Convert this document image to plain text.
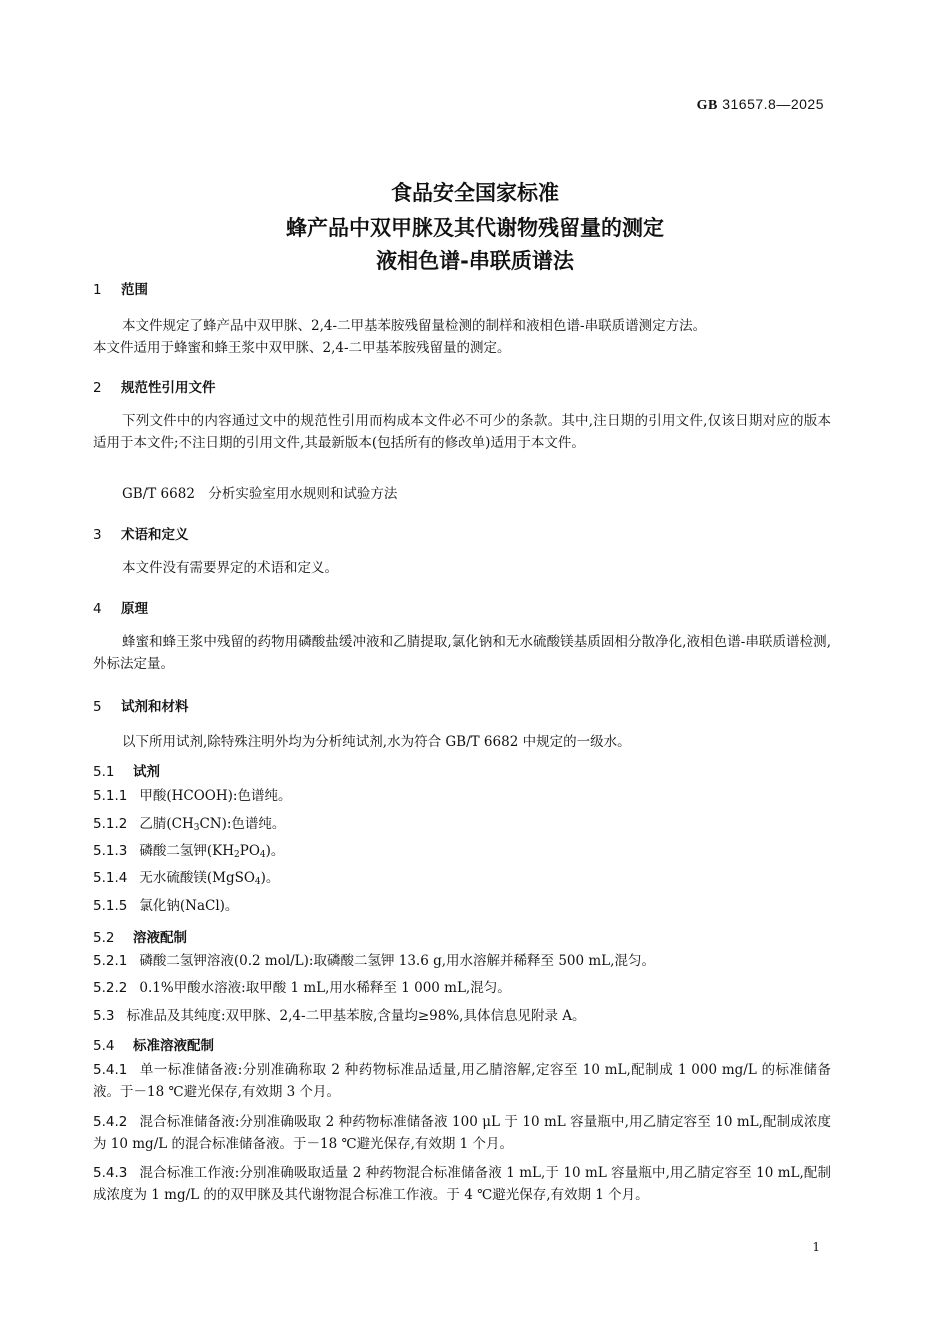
GB 31657.8—2025
食品安全国家标准
蜂产品中双甲脒及其代谢物残留量的测定
液相色谱-串联质谱法
1 范围
本文件规定了蜂产品中双甲脒、2,4-二甲基苯胺残留量检测的制样和液相色谱-串联质谱测定方法。
本文件适用于蜂蜜和蜂王浆中双甲脒、2,4-二甲基苯胺残留量的测定。
2 规范性引用文件
下列文件中的内容通过文中的规范性引用而构成本文件必不可少的条款。其中,注日期的引用文件,仅该日期对应的版本适用于本文件;不注日期的引用文件,其最新版本(包括所有的修改单)适用于本文件。
GB/T 6682　分析实验室用水规则和试验方法
3 术语和定义
本文件没有需要界定的术语和定义。
4 原理
蜂蜜和蜂王浆中残留的药物用磷酸盐缓冲液和乙腈提取,氯化钠和无水硫酸镁基质固相分散净化,液相色谱-串联质谱检测,外标法定量。
5 试剂和材料
以下所用试剂,除特殊注明外均为分析纯试剂,水为符合 GB/T 6682 中规定的一级水。
5.1 试剂
5.1.1 甲酸(HCOOH):色谱纯。
5.1.2 乙腈(CH3CN):色谱纯。
5.1.3 磷酸二氢钾(KH2PO4)。
5.1.4 无水硫酸镁(MgSO4)。
5.1.5 氯化钠(NaCl)。
5.2 溶液配制
5.2.1 磷酸二氢钾溶液(0.2 mol/L):取磷酸二氢钾 13.6 g,用水溶解并稀释至 500 mL,混匀。
5.2.2 0.1%甲酸水溶液:取甲酸 1 mL,用水稀释至 1 000 mL,混匀。
5.3 标准品及其纯度:双甲脒、2,4-二甲基苯胺,含量均≥98%,具体信息见附录 A。
5.4 标准溶液配制
5.4.1 单一标准储备液:分别准确称取 2 种药物标准品适量,用乙腈溶解,定容至 10 mL,配制成 1 000 mg/L 的标准储备液。于－18 ℃避光保存,有效期 3 个月。
5.4.2 混合标准储备液:分别准确吸取 2 种药物标准储备液 100 μL 于 10 mL 容量瓶中,用乙腈定容至 10 mL,配制成浓度为 10 mg/L 的混合标准储备液。于－18 ℃避光保存,有效期 1 个月。
5.4.3 混合标准工作液:分别准确吸取适量 2 种药物混合标准储备液 1 mL,于 10 mL 容量瓶中,用乙腈定容至 10 mL,配制成浓度为 1 mg/L 的的双甲脒及其代谢物混合标准工作液。于 4 ℃避光保存,有效期 1 个月。
1
